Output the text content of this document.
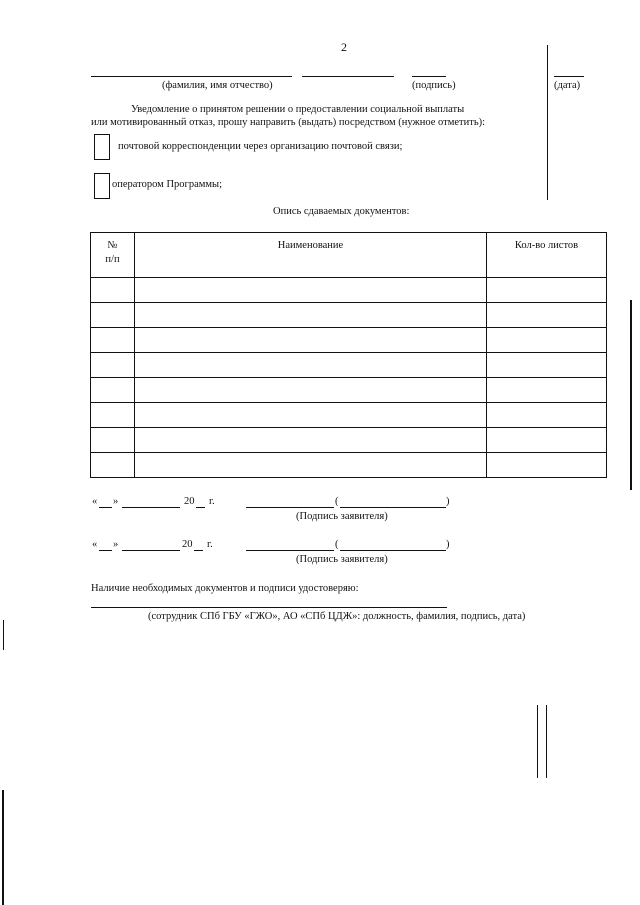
2
(фамилия, имя отчество)	(подпись)	(дата)
Уведомление о принятом решении о предоставлении социальной выплаты
или мотивированный отказ, прошу направить (выдать) посредством (нужное отметить):
почтовой корреспонденции через организацию почтовой связи;
оператором Программы;
Опись сдаваемых документов:
№
п/п	Наименование	Кол-во листов

« »	20 г.	(	)
(Подпись заявителя)
« »	20 г.	(	)
(Подпись заявителя)
Наличие необходимых документов и подписи удостоверяю:
(сотрудник СПб ГБУ «ГЖО», АО «СПб ЦДЖ»: должность, фамилия, подпись, дата)
